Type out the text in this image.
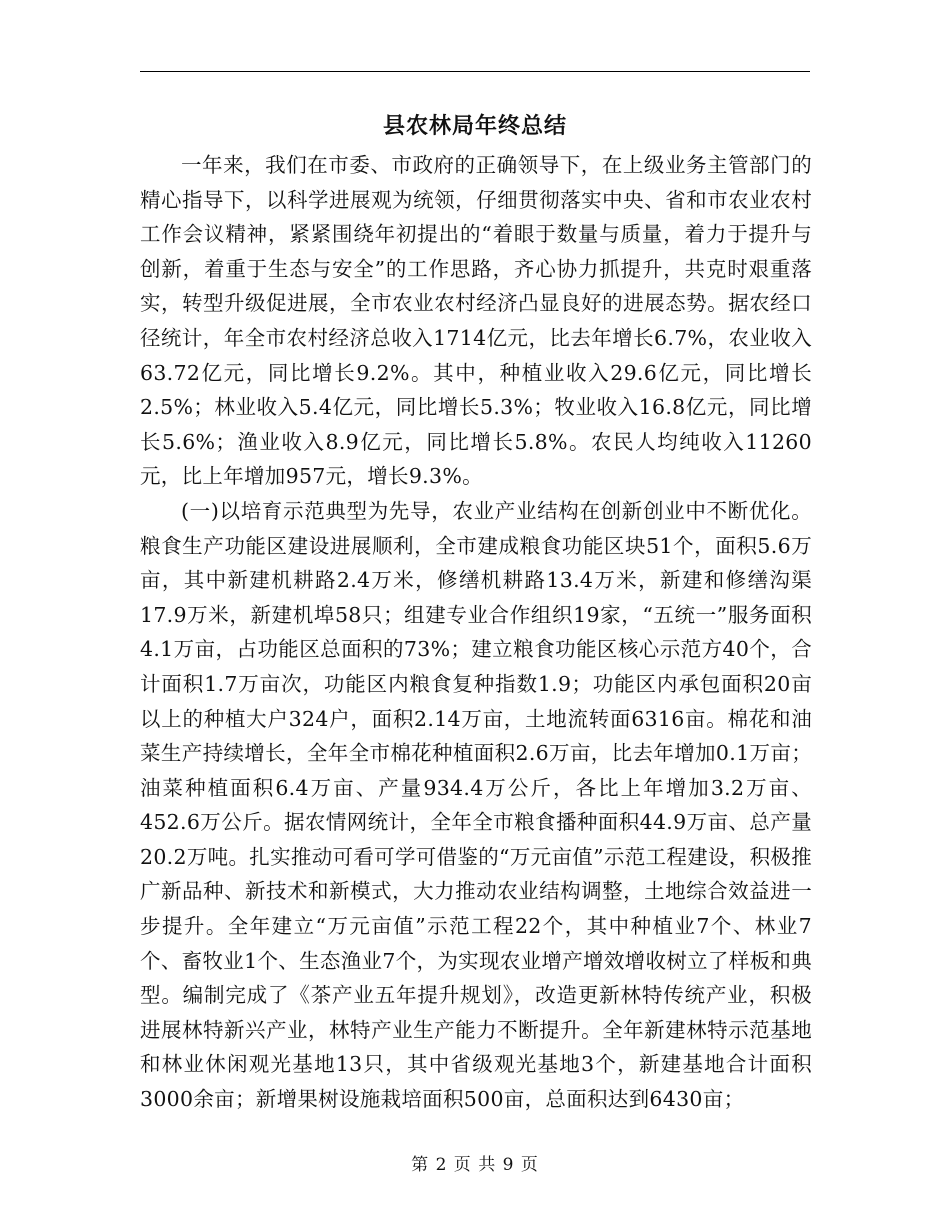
县农林局年终总结

一年来，我们在市委、市政府的正确领导下，在上级业务主管部门的精心指导下，以科学进展观为统领，仔细贯彻落实中央、省和市农业农村工作会议精神，紧紧围绕年初提出的“着眼于数量与质量，着力于提升与创新，着重于生态与安全”的工作思路，齐心协力抓提升，共克时艰重落实，转型升级促进展，全市农业农村经济凸显良好的进展态势。据农经口径统计，年全市农村经济总收入1714亿元，比去年增长6.7%，农业收入63.72亿元，同比增长9.2%。其中，种植业收入29.6亿元，同比增长2.5%；林业收入5.4亿元，同比增长5.3%；牧业收入16.8亿元，同比增长5.6%；渔业收入8.9亿元，同比增长5.8%。农民人均纯收入11260元，比上年增加957元，增长9.3%。

(一)以培育示范典型为先导，农业产业结构在创新创业中不断优化。粮食生产功能区建设进展顺利，全市建成粮食功能区块51个，面积5.6万亩，其中新建机耕路2.4万米，修缮机耕路13.4万米，新建和修缮沟渠17.9万米，新建机埠58只；组建专业合作组织19家，“五统一”服务面积4.1万亩，占功能区总面积的73%；建立粮食功能区核心示范方40个，合计面积1.7万亩次，功能区内粮食复种指数1.9；功能区内承包面积20亩以上的种植大户324户，面积2.14万亩，土地流转面6316亩。棉花和油菜生产持续增长，全年全市棉花种植面积2.6万亩，比去年增加0.1万亩；油菜种植面积6.4万亩、产量934.4万公斤，各比上年增加3.2万亩、452.6万公斤。据农情网统计，全年全市粮食播种面积44.9万亩、总产量20.2万吨。扎实推动可看可学可借鉴的“万元亩值”示范工程建设，积极推广新品种、新技术和新模式，大力推动农业结构调整，土地综合效益进一步提升。全年建立“万元亩值”示范工程22个，其中种植业7个、林业7个、畜牧业1个、生态渔业7个，为实现农业增产增效增收树立了样板和典型。编制完成了《茶产业五年提升规划》，改造更新林特传统产业，积极进展林特新兴产业，林特产业生产能力不断提升。全年新建林特示范基地和林业休闲观光基地13只，其中省级观光基地3个，新建基地合计面积3000余亩；新增果树设施栽培面积500亩，总面积达到6430亩；

第 2 页 共 9 页
